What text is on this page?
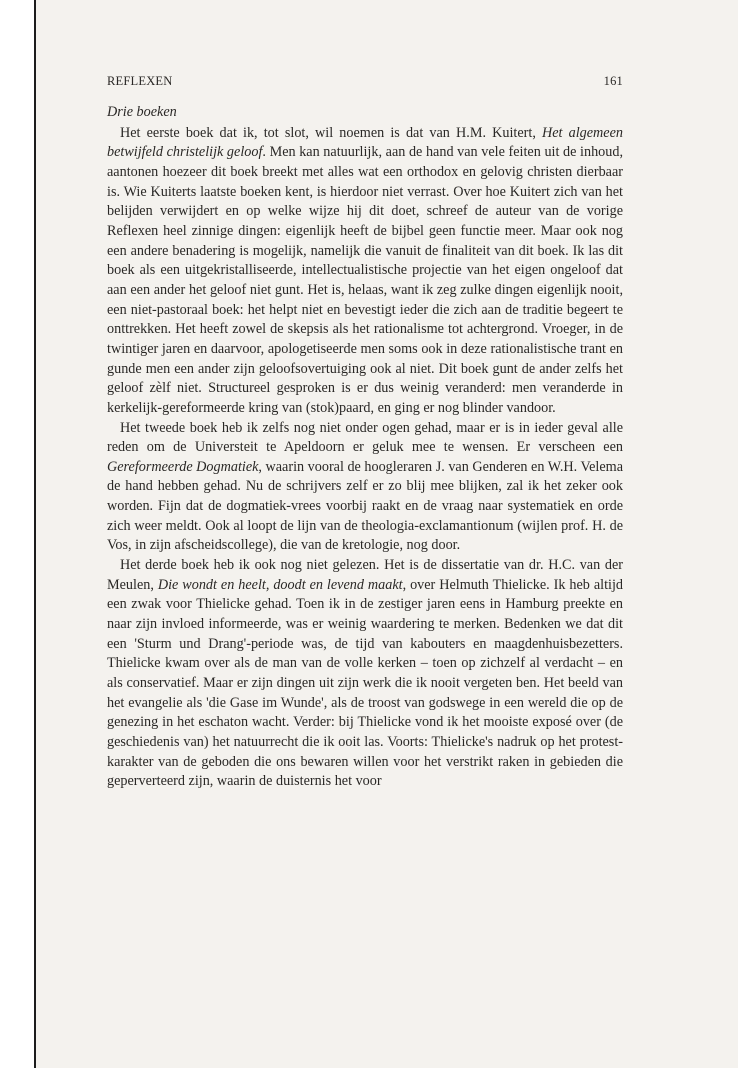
REFLEXEN	161
Drie boeken

Het eerste boek dat ik, tot slot, wil noemen is dat van H.M. Kuitert, Het algemeen betwijfeld christelijk geloof. Men kan natuurlijk, aan de hand van vele feiten uit de inhoud, aantonen hoezeer dit boek breekt met alles wat een orthodox en gelovig christen dierbaar is. Wie Kuiterts laatste boeken kent, is hierdoor niet verrast. Over hoe Kuitert zich van het belijden verwijdert en op welke wijze hij dit doet, schreef de auteur van de vorige Reflexen heel zinnige dingen: eigenlijk heeft de bijbel geen functie meer. Maar ook nog een andere benadering is mogelijk, namelijk die vanuit de finaliteit van dit boek. Ik las dit boek als een uitgekristalliseerde, intellectualistische projectie van het eigen ongeloof dat aan een ander het geloof niet gunt. Het is, helaas, want ik zeg zulke dingen eigenlijk nooit, een niet-pastoraal boek: het helpt niet en bevestigt ieder die zich aan de traditie begeert te onttrekken. Het heeft zowel de skepsis als het rationalisme tot achtergrond. Vroeger, in de twintiger jaren en daarvoor, apologetiseerde men soms ook in deze rationalistische trant en gunde men een ander zijn geloofsovertuiging ook al niet. Dit boek gunt de ander zelfs het geloof zèlf niet. Structureel gesproken is er dus weinig veranderd: men veranderde in kerkelijk-gereformeerde kring van (stok)paard, en ging er nog blinder vandoor.

Het tweede boek heb ik zelfs nog niet onder ogen gehad, maar er is in ieder geval alle reden om de Universteit te Apeldoorn er geluk mee te wensen. Er verscheen een Gereformeerde Dogmatiek, waarin vooral de hoogleraren J. van Genderen en W.H. Velema de hand hebben gehad. Nu de schrijvers zelf er zo blij mee blijken, zal ik het zeker ook worden. Fijn dat de dogmatiek-vrees voorbij raakt en de vraag naar systematiek en orde zich weer meldt. Ook al loopt de lijn van de theologia-exclamantionum (wijlen prof. H. de Vos, in zijn afscheidscollege), die van de kretologie, nog door.

Het derde boek heb ik ook nog niet gelezen. Het is de dissertatie van dr. H.C. van der Meulen, Die wondt en heelt, doodt en levend maakt, over Helmuth Thielicke. Ik heb altijd een zwak voor Thielicke gehad. Toen ik in de zestiger jaren eens in Hamburg preekte en naar zijn invloed informeerde, was er weinig waardering te merken. Bedenken we dat dit een 'Sturm und Drang'-periode was, de tijd van kabouters en maagdenhuisbezetters. Thielicke kwam over als de man van de volle kerken – toen op zichzelf al verdacht – en als conservatief. Maar er zijn dingen uit zijn werk die ik nooit vergeten ben. Het beeld van het evangelie als 'die Gase im Wunde', als de troost van godswege in een wereld die op de genezing in het eschaton wacht. Verder: bij Thielicke vond ik het mooiste exposé over (de geschiedenis van) het natuurrecht die ik ooit las. Voorts: Thielicke's nadruk op het protest-karakter van de geboden die ons bewaren willen voor het verstrikt raken in gebieden die geperverteerd zijn, waarin de duisternis het voor
